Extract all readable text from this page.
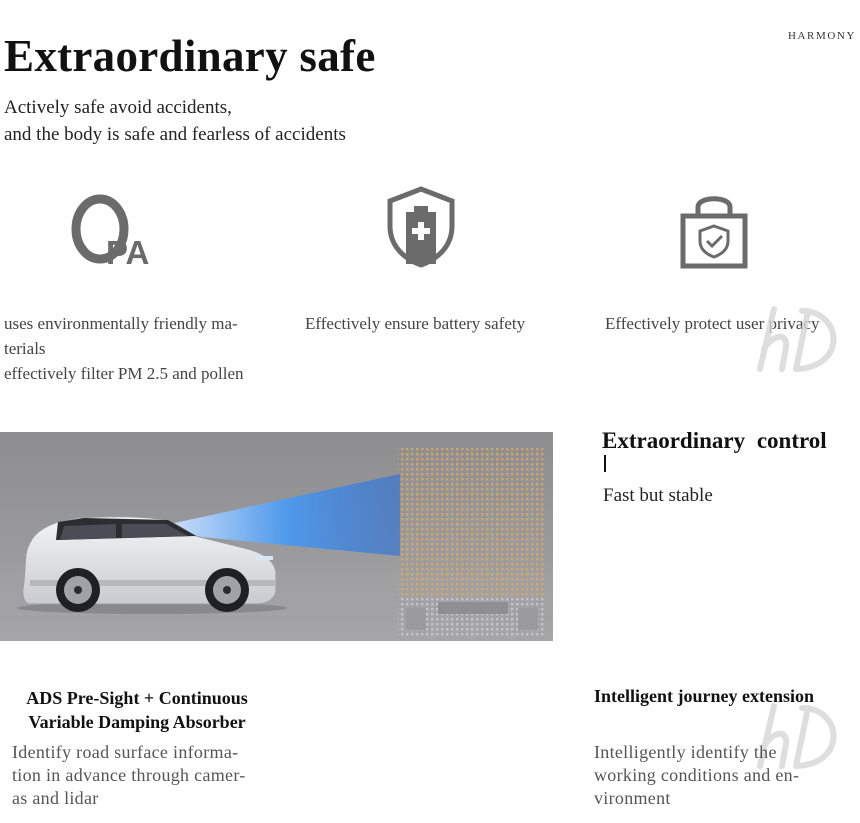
HARMONY
Extraordinary safe
Actively safe avoid accidents,
and the body is safe and fearless of accidents
PA
uses environmentally friendly ma-
terials
effectively filter PM 2.5 and pollen
Effectively ensure battery safety	Effectively protect user privacy
Extraordinary control
Fast but stable
ADS Pre-Sight + Continuous
Variable Damping Absorber
Identify road surface informa-
tion in advance through camer-
as and lidar
Intelligent journey extension
Intelligently identify the
working conditions and en-
vironment
